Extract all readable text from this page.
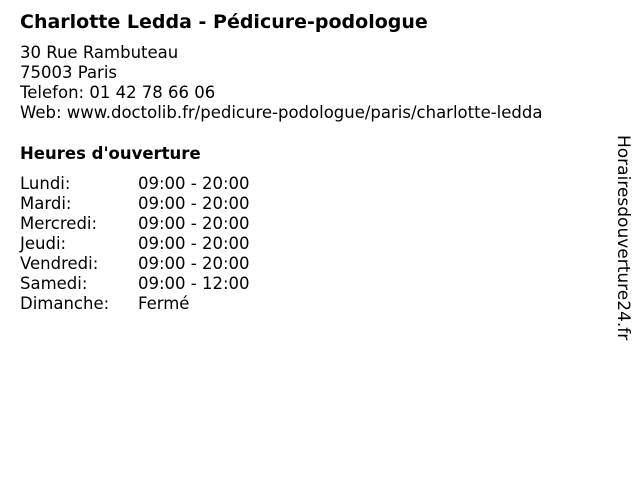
Charlotte Ledda - Pédicure-podologue
30 Rue Rambuteau
75003 Paris
Telefon: 01 42 78 66 06
Web: www.doctolib.fr/pedicure-podologue/paris/charlotte-ledda
Heures d'ouverture
Lundi:	09:00 - 20:00
Mardi:	09:00 - 20:00
Mercredi:	09:00 - 20:00
Jeudi:	09:00 - 20:00
Vendredi:	09:00 - 20:00
Samedi:	09:00 - 12:00
Dimanche:	Fermé	Horairesdouverture24.fr
